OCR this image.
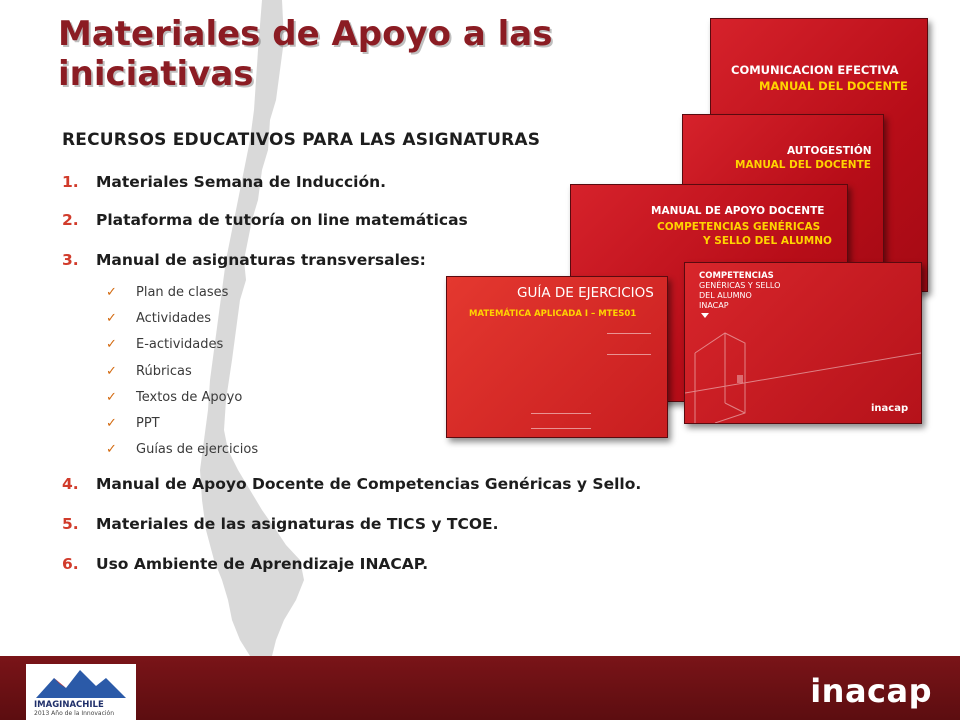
Materiales de Apoyo a las iniciativas
RECURSOS EDUCATIVOS PARA LAS ASIGNATURAS
1.	Materiales Semana de Inducción.
2.	Plataforma de tutoría on line matemáticas
3.	Manual de asignaturas transversales:
✓	Plan de clases
✓	Actividades
✓	E-actividades
✓	Rúbricas
✓	Textos de Apoyo
✓	PPT
✓	Guías de ejercicios
4.	Manual de Apoyo Docente de Competencias Genéricas y Sello.
5.	Materiales de las asignaturas de TICS y TCOE.
6.	Uso Ambiente de Aprendizaje INACAP.
COMUNICACION EFECTIVA
MANUAL DEL DOCENTE
AUTOGESTIÓN
MANUAL DEL DOCENTE
MANUAL DE APOYO DOCENTE
COMPETENCIAS GENÉRICAS
Y SELLO DEL ALUMNO
GUÍA DE EJERCICIOS
MATEMÁTICA APLICADA I – MTES01
COMPETENCIAS
GENÉRICAS Y SELLO
DEL ALUMNO
INACAP
inacap
IMAGINACHILE
2013 Año de la Innovación
inacap
